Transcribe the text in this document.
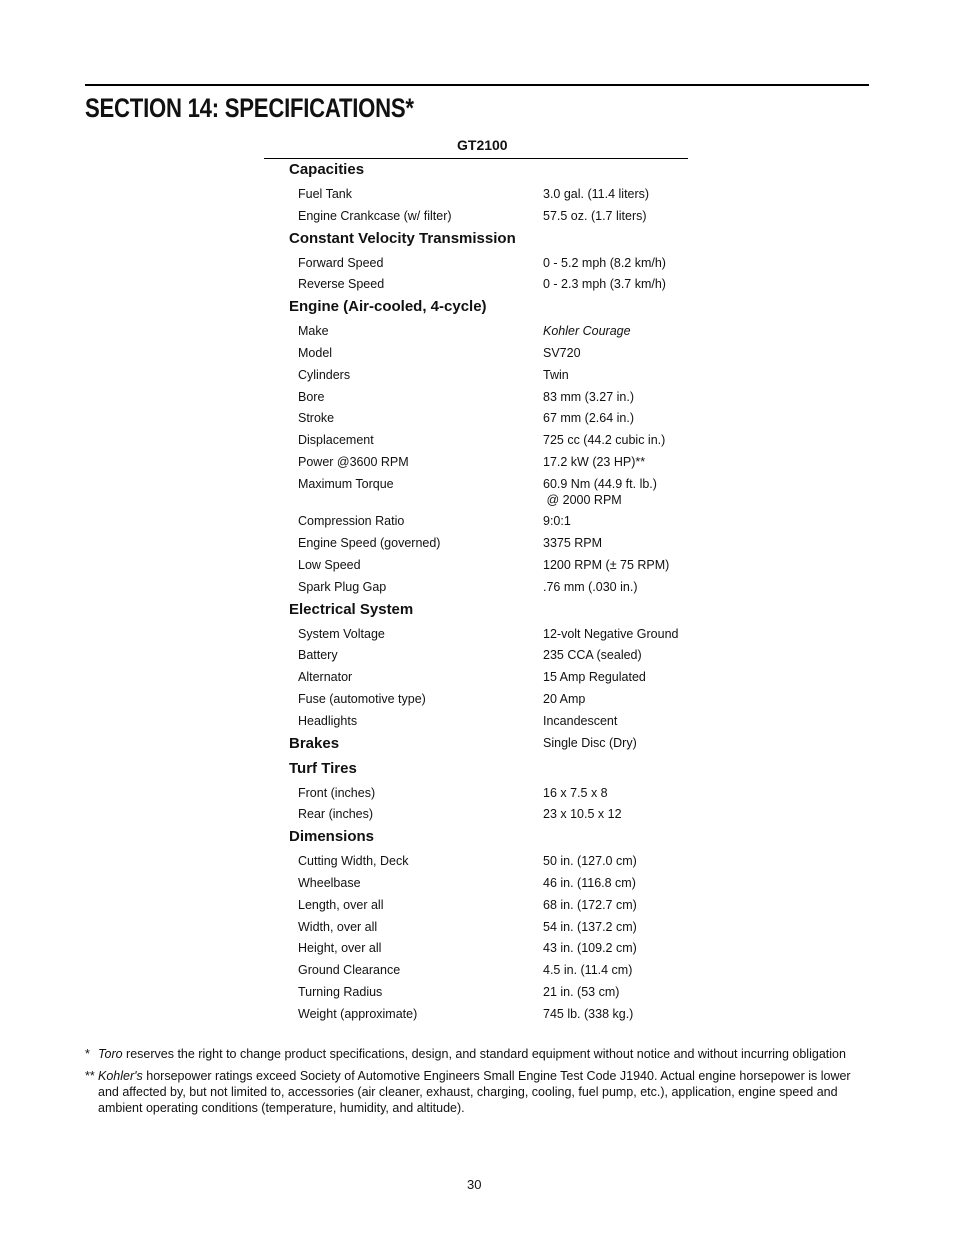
SECTION 14: SPECIFICATIONS*
GT2100
Capacities
Fuel Tank	3.0 gal. (11.4 liters)
Engine Crankcase (w/ filter)	57.5 oz. (1.7 liters)
Constant Velocity Transmission
Forward Speed	0 - 5.2 mph (8.2 km/h)
Reverse Speed	0 - 2.3 mph (3.7 km/h)
Engine (Air-cooled, 4-cycle)
Make	Kohler Courage
Model	SV720
Cylinders	Twin
Bore	83 mm (3.27 in.)
Stroke	67 mm (2.64 in.)
Displacement	725 cc (44.2 cubic in.)
Power @3600 RPM	17.2 kW (23 HP)**
Maximum Torque	60.9 Nm (44.9 ft. lb.)
@ 2000 RPM
Compression Ratio	9:0:1
Engine Speed (governed)	3375 RPM
Low Speed	1200 RPM (± 75 RPM)
Spark Plug Gap	.76 mm (.030 in.)
Electrical System
System Voltage	12-volt Negative Ground
Battery	235 CCA (sealed)
Alternator	15 Amp Regulated
Fuse (automotive type)	20 Amp
Headlights	Incandescent
Brakes	Single Disc (Dry)
Turf Tires
Front (inches)	16 x 7.5 x 8
Rear (inches)	23 x 10.5 x 12
Dimensions
Cutting Width, Deck	50 in. (127.0 cm)
Wheelbase	46 in. (116.8 cm)
Length, over all	68 in. (172.7 cm)
Width, over all	54 in. (137.2 cm)
Height, over all	43 in. (109.2 cm)
Ground Clearance	4.5 in. (11.4 cm)
Turning Radius	21 in. (53 cm)
Weight (approximate)	745 lb. (338 kg.)
* Toro reserves the right to change product specifications, design, and standard equipment without notice and without incurring obligation
** Kohler's horsepower ratings exceed Society of Automotive Engineers Small Engine Test Code J1940. Actual engine horsepower is lower and affected by, but not limited to, accessories (air cleaner, exhaust, charging, cooling, fuel pump, etc.), application, engine speed and ambient operating conditions (temperature, humidity, and altitude).
30
